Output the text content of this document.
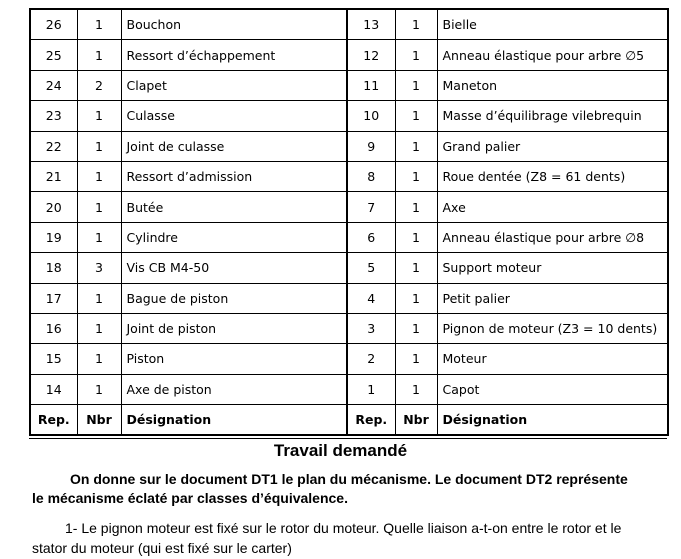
26	1	Bouchon	13	1	Bielle
25	1	Ressort d’échappement	12	1	Anneau élastique pour arbre ∅5
24	2	Clapet	11	1	Maneton
23	1	Culasse	10	1	Masse d’équilibrage vilebrequin
22	1	Joint de culasse	9	1	Grand palier
21	1	Ressort d’admission	8	1	Roue dentée (Z8 = 61 dents)
20	1	Butée	7	1	Axe
19	1	Cylindre	6	1	Anneau élastique pour arbre ∅8
18	3	Vis CB M4-50	5	1	Support moteur
17	1	Bague de piston	4	1	Petit palier
16	1	Joint de piston	3	1	Pignon de moteur (Z3 = 10 dents)
15	1	Piston	2	1	Moteur
14	1	Axe de piston	1	1	Capot
Rep.	Nbr	Désignation	Rep.	Nbr	Désignation
Travail demandé
On donne sur le document DT1 le plan du mécanisme. Le document DT2 représente
le mécanisme éclaté par classes d’équivalence.
1- Le pignon moteur est fixé sur le rotor du moteur. Quelle liaison a-t-on entre le rotor et le
stator du moteur (qui est fixé sur le carter)
